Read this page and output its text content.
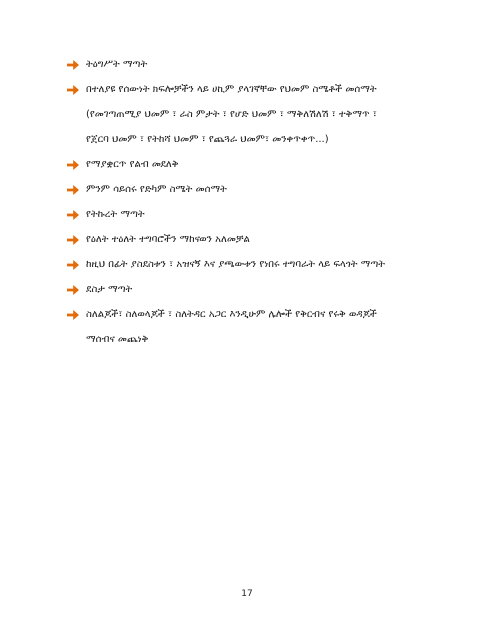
ትዕግሥት ማጣት
በተለያዩ የሰውነት ክፍሎቻችን ላይ ሀኪም ያላገኛቸው የህመም ስሜቶች መሰማት
(የመገጣጠሚያ ህመም ፣ ራስ ምታት ፣ የሆድ ህመም ፣ ማቅለሽለሽ ፣ ተቅማጥ ፣
የጀርባ ህመም ፣ የትከሻ ህመም ፣ የጨጓራ ህመም፣ መንቀጥቀጥ...)
የማያቋርጥ የልብ መደለቅ
ምንም ሳይሰሩ የድካም ስሜት መሰማት
የትኩረት ማጣት
የዕለት ተዕለት ተግባሮችን ማከናወን አለመቻል
ከዚህ በፊት ያስደስቱን ፣ አዝናኝ እና ያጫውቱን የነበሩ ተግባራት ላይ ፍላጎት ማጣት
ደስታ ማጣት
ስለልጆች፣ ስለወላጆች ፣ ስለትዳር አጋር እንዲሁም ሌሎች የቅርብና የሩቅ ወዳጆች
ማሰብና መጨነቅ
17
